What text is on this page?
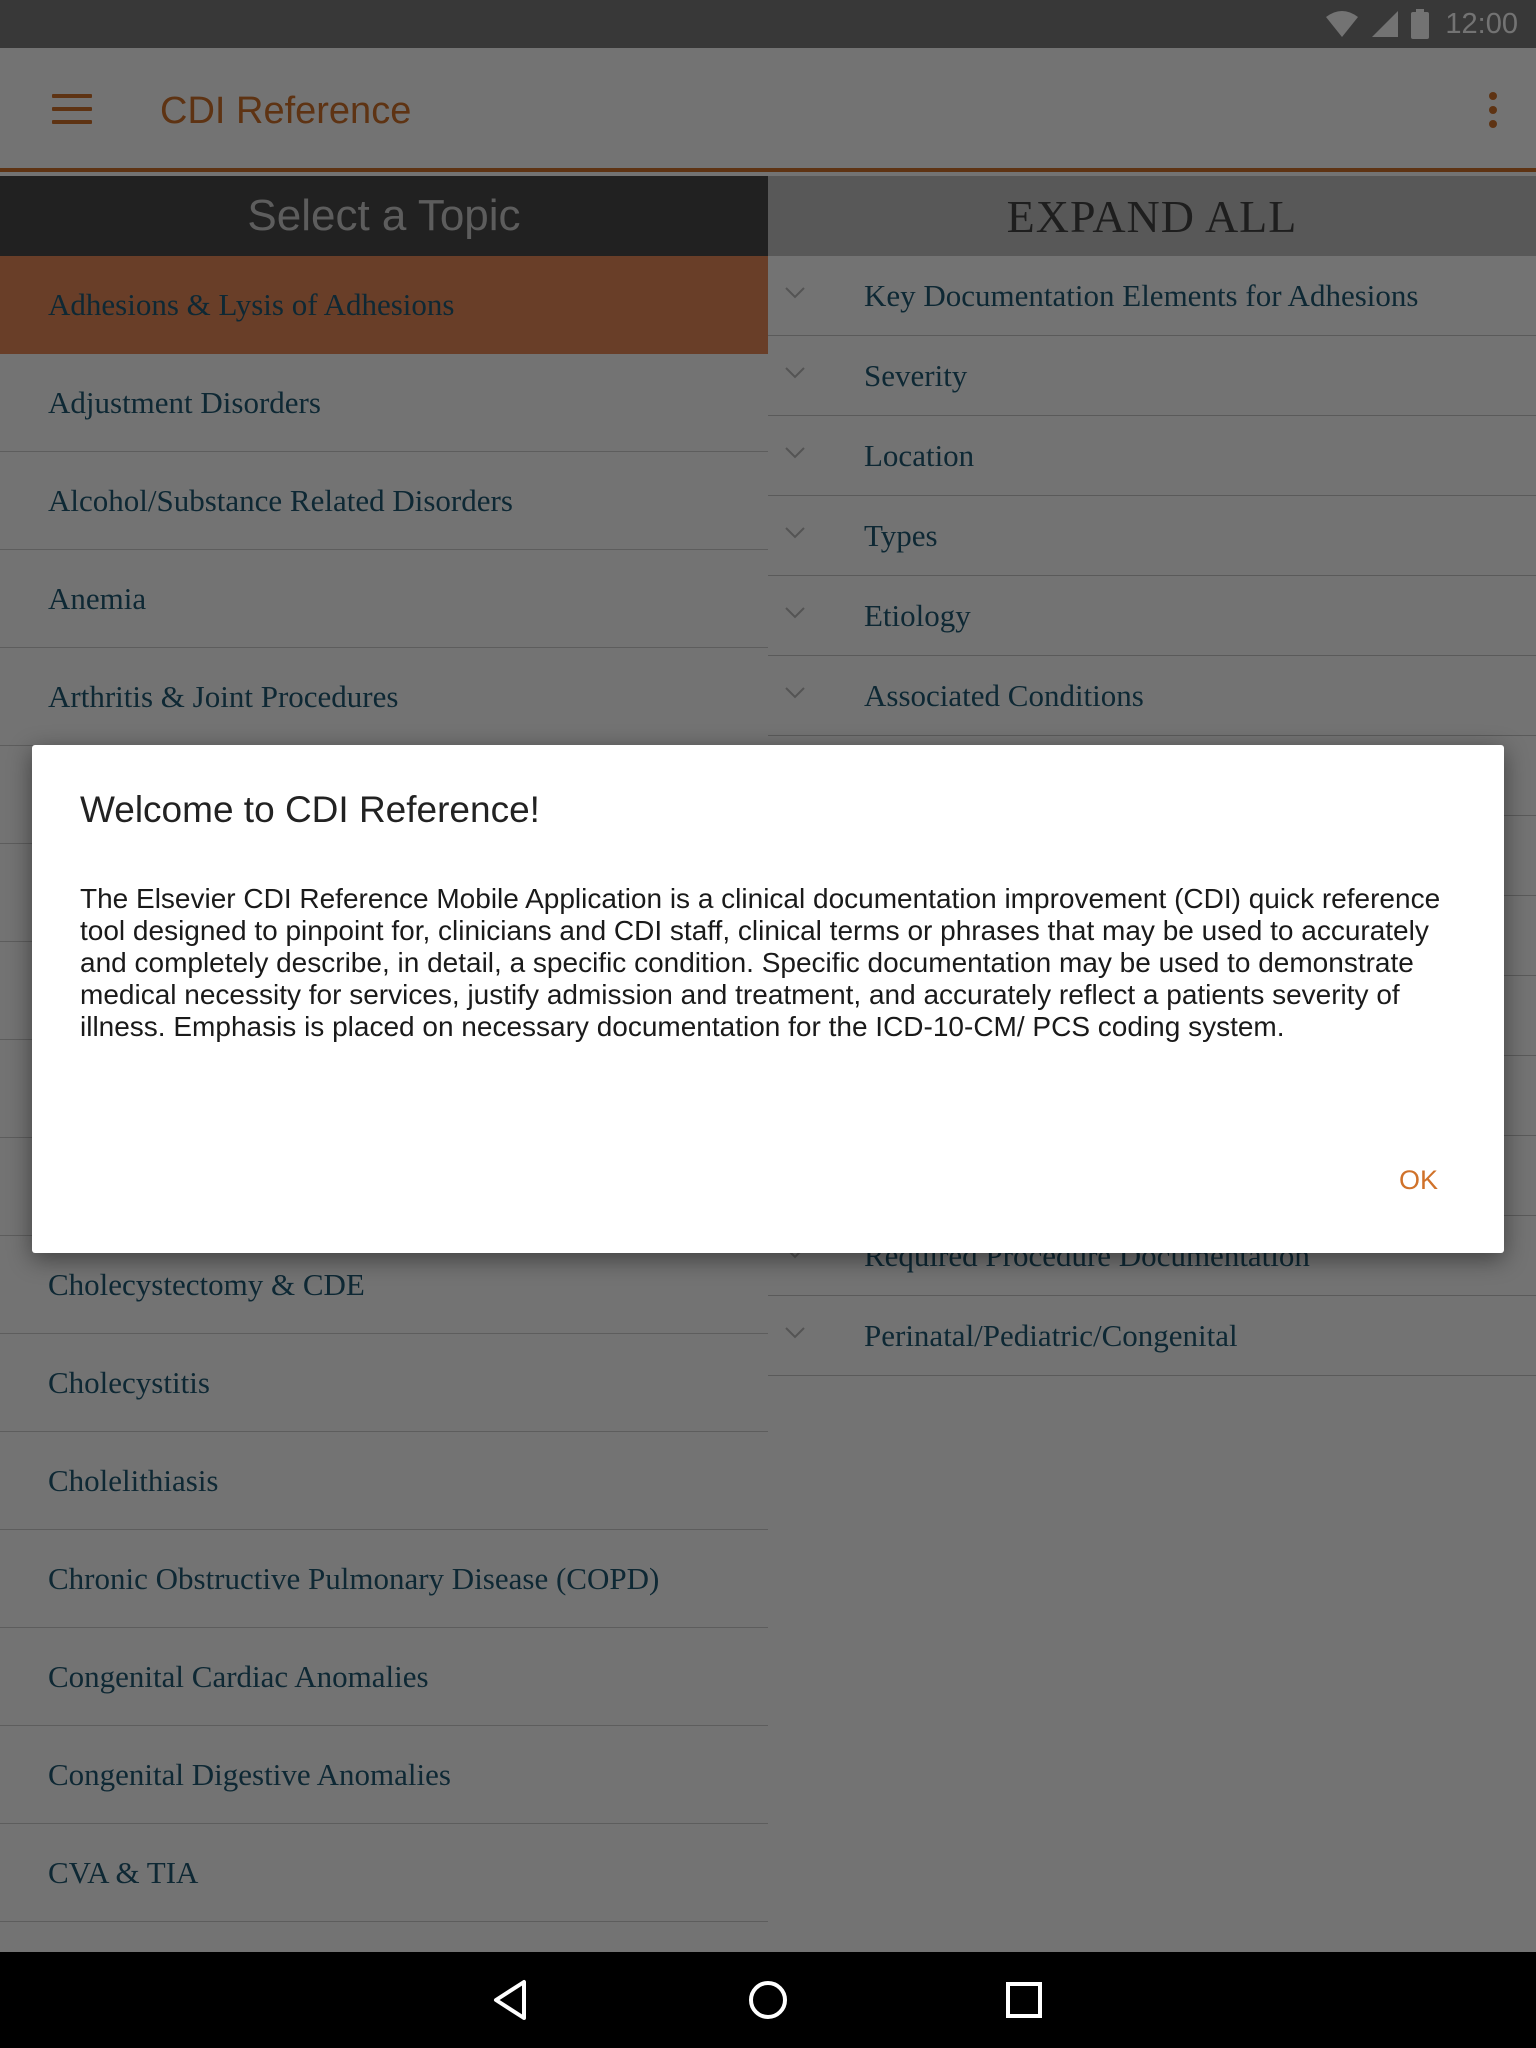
Welcome to CDI Reference!
The Elsevier CDI Reference Mobile Application is a clinical documentation improvement (CDI) quick reference tool designed to pinpoint for, clinicians and CDI staff, clinical terms or phrases that may be used to accurately and completely describe, in detail, a specific condition. Specific documentation may be used to demonstrate medical necessity for services, justify admission and treatment, and accurately reflect a patients severity of illness. Emphasis is placed on necessary documentation for the ICD-10-CM/ PCS coding system.
OK
